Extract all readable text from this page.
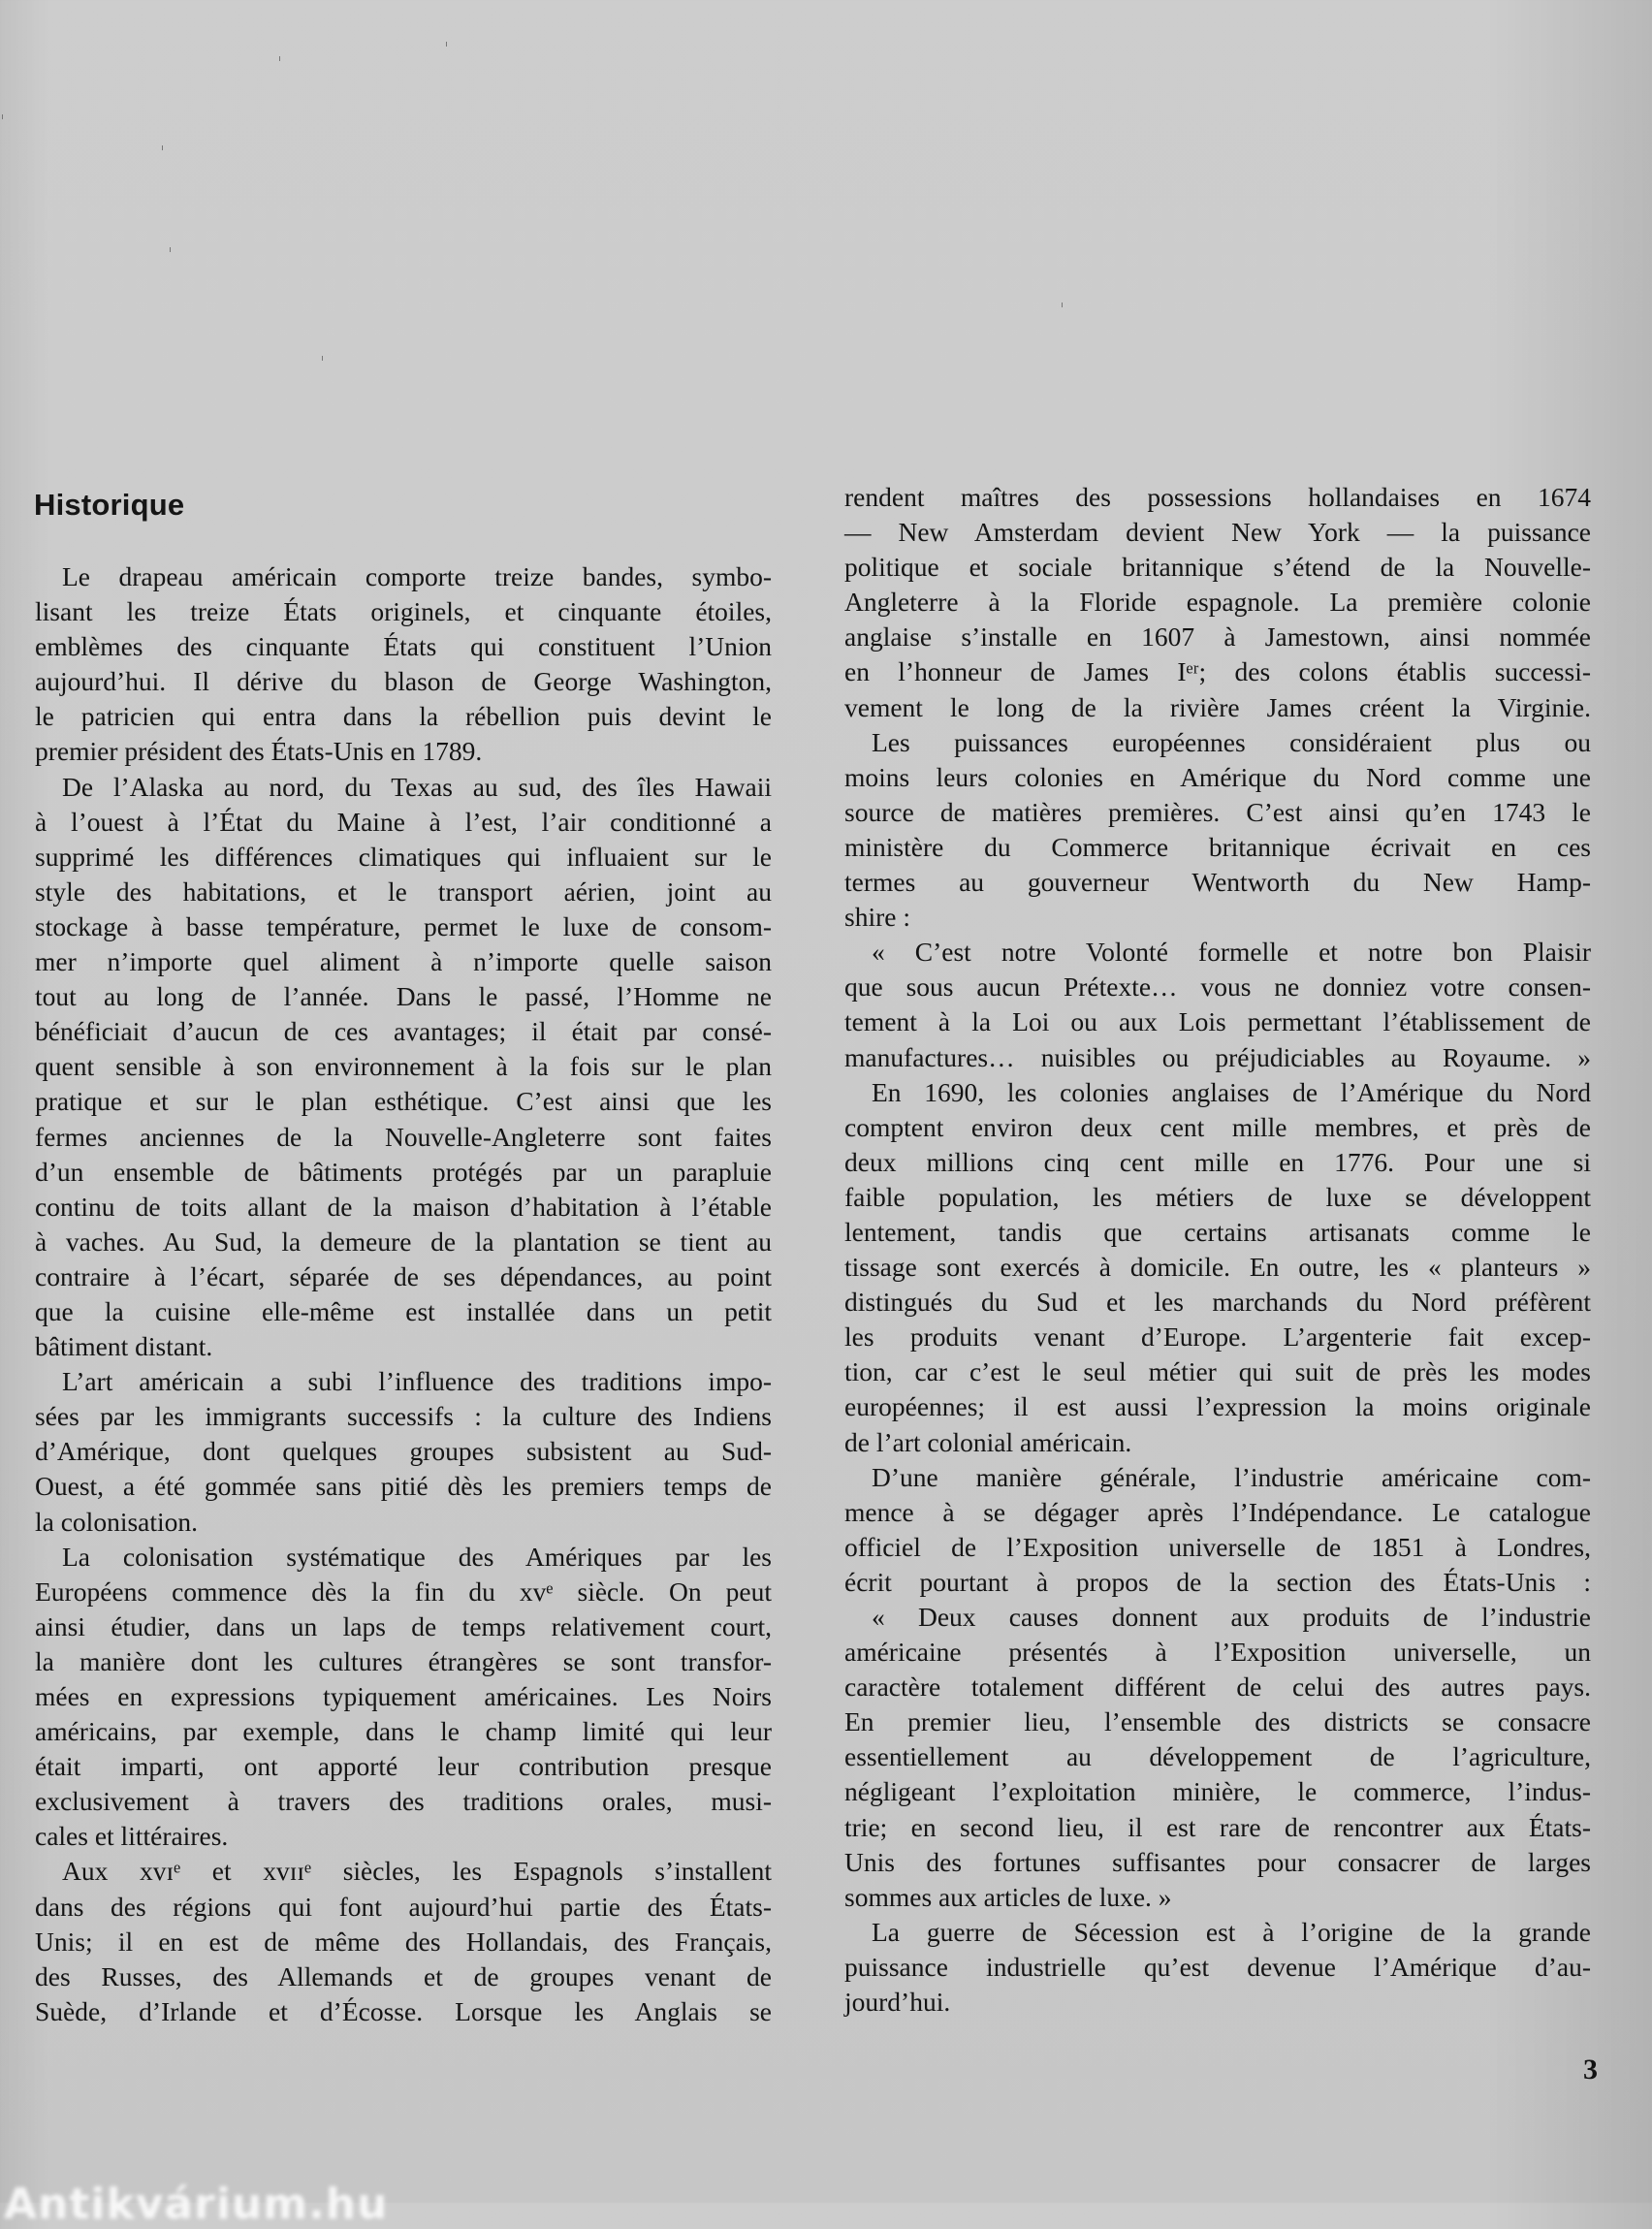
Historique
Le drapeau américain comporte treize bandes, symbo-
lisant les treize États originels, et cinquante étoiles,
emblèmes des cinquante États qui constituent l’Union
aujourd’hui. Il dérive du blason de George Washington,
le patricien qui entra dans la rébellion puis devint le
premier président des États-Unis en 1789.
De l’Alaska au nord, du Texas au sud, des îles Hawaii
à l’ouest à l’État du Maine à l’est, l’air conditionné a
supprimé les différences climatiques qui influaient sur le
style des habitations, et le transport aérien, joint au
stockage à basse température, permet le luxe de consom-
mer n’importe quel aliment à n’importe quelle saison
tout au long de l’année. Dans le passé, l’Homme ne
bénéficiait d’aucun de ces avantages; il était par consé-
quent sensible à son environnement à la fois sur le plan
pratique et sur le plan esthétique. C’est ainsi que les
fermes anciennes de la Nouvelle-Angleterre sont faites
d’un ensemble de bâtiments protégés par un parapluie
continu de toits allant de la maison d’habitation à l’étable
à vaches. Au Sud, la demeure de la plantation se tient au
contraire à l’écart, séparée de ses dépendances, au point
que la cuisine elle-même est installée dans un petit
bâtiment distant.
L’art américain a subi l’influence des traditions impo-
sées par les immigrants successifs : la culture des Indiens
d’Amérique, dont quelques groupes subsistent au Sud-
Ouest, a été gommée sans pitié dès les premiers temps de
la colonisation.
La colonisation systématique des Amériques par les
Européens commence dès la fin du xvᵉ siècle. On peut
ainsi étudier, dans un laps de temps relativement court,
la manière dont les cultures étrangères se sont transfor-
mées en expressions typiquement américaines. Les Noirs
américains, par exemple, dans le champ limité qui leur
était imparti, ont apporté leur contribution presque
exclusivement à travers des traditions orales, musi-
cales et littéraires.
Aux xᴠɪᵉ et xᴠɪɪᵉ siècles, les Espagnols s’installent
dans des régions qui font aujourd’hui partie des États-
Unis; il en est de même des Hollandais, des Français,
des Russes, des Allemands et de groupes venant de
Suède, d’Irlande et d’Écosse. Lorsque les Anglais se
rendent maîtres des possessions hollandaises en 1674
— New Amsterdam devient New York — la puissance
politique et sociale britannique s’étend de la Nouvelle-
Angleterre à la Floride espagnole. La première colonie
anglaise s’installe en 1607 à Jamestown, ainsi nommée
en l’honneur de James Iᵉʳ; des colons établis successi-
vement le long de la rivière James créent la Virginie.
Les puissances européennes considéraient plus ou
moins leurs colonies en Amérique du Nord comme une
source de matières premières. C’est ainsi qu’en 1743 le
ministère du Commerce britannique écrivait en ces
termes au gouverneur Wentworth du New Hamp-
shire :
« C’est notre Volonté formelle et notre bon Plaisir
que sous aucun Prétexte… vous ne donniez votre consen-
tement à la Loi ou aux Lois permettant l’établissement de
manufactures… nuisibles ou préjudiciables au Royaume. »
En 1690, les colonies anglaises de l’Amérique du Nord
comptent environ deux cent mille membres, et près de
deux millions cinq cent mille en 1776. Pour une si
faible population, les métiers de luxe se développent
lentement, tandis que certains artisanats comme le
tissage sont exercés à domicile. En outre, les « planteurs »
distingués du Sud et les marchands du Nord préfèrent
les produits venant d’Europe. L’argenterie fait excep-
tion, car c’est le seul métier qui suit de près les modes
européennes; il est aussi l’expression la moins originale
de l’art colonial américain.
D’une manière générale, l’industrie américaine com-
mence à se dégager après l’Indépendance. Le catalogue
officiel de l’Exposition universelle de 1851 à Londres,
écrit pourtant à propos de la section des États-Unis :
« Deux causes donnent aux produits de l’industrie
américaine présentés à l’Exposition universelle, un
caractère totalement différent de celui des autres pays.
En premier lieu, l’ensemble des districts se consacre
essentiellement au développement de l’agriculture,
négligeant l’exploitation minière, le commerce, l’indus-
trie; en second lieu, il est rare de rencontrer aux États-
Unis des fortunes suffisantes pour consacrer de larges
sommes aux articles de luxe. »
La guerre de Sécession est à l’origine de la grande
puissance industrielle qu’est devenue l’Amérique d’au-
jourd’hui.
3
Antikvárium.hu
